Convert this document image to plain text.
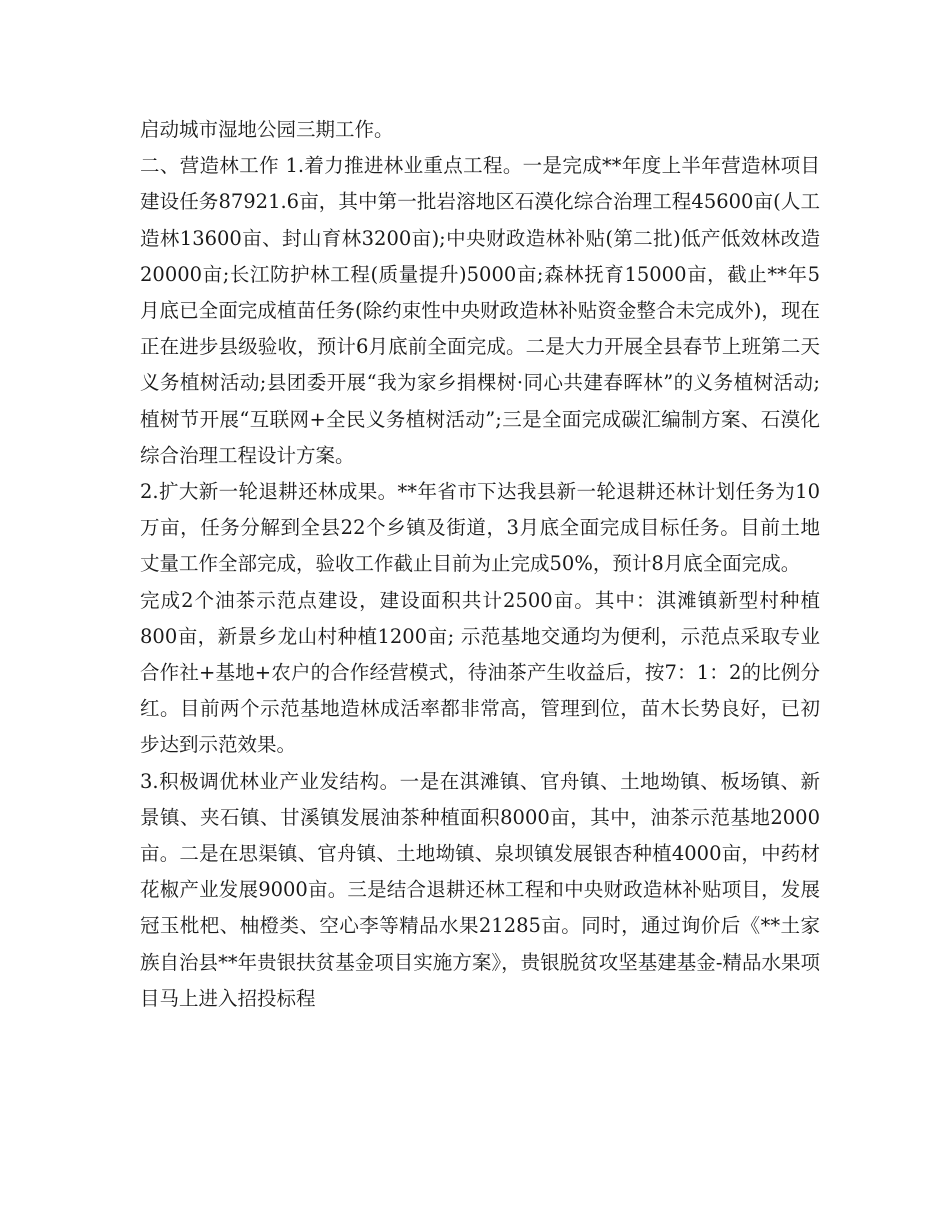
启动城市湿地公园三期工作。

二、营造林工作 1.着力推进林业重点工程。一是完成**年度上半年营造林项目建设任务87921.6亩，其中第一批岩溶地区石漠化综合治理工程45600亩(人工造林13600亩、封山育林3200亩);中央财政造林补贴(第二批)低产低效林改造20000亩;长江防护林工程(质量提升)5000亩;森林抚育15000亩，截止**年5月底已全面完成植苗任务(除约束性中央财政造林补贴资金整合未完成外)，现在正在进步县级验收，预计6月底前全面完成。二是大力开展全县春节上班第二天义务植树活动;县团委开展“我为家乡捐棵树·同心共建春晖林”的义务植树活动;植树节开展“互联网+全民义务植树活动”;三是全面完成碳汇编制方案、石漠化综合治理工程设计方案。

2.扩大新一轮退耕还林成果。**年省市下达我县新一轮退耕还林计划任务为10万亩，任务分解到全县22个乡镇及街道，3月底全面完成目标任务。目前土地丈量工作全部完成，验收工作截止目前为止完成50%，预计8月底全面完成。

完成2个油茶示范点建设，建设面积共计2500亩。其中：淇滩镇新型村种植800亩，新景乡龙山村种植1200亩; 示范基地交通均为便利，示范点采取专业合作社+基地+农户的合作经营模式，待油茶产生收益后，按7：1：2的比例分红。目前两个示范基地造林成活率都非常高，管理到位，苗木长势良好，已初步达到示范效果。

3.积极调优林业产业发结构。一是在淇滩镇、官舟镇、土地坳镇、板场镇、新景镇、夹石镇、甘溪镇发展油茶种植面积8000亩，其中，油茶示范基地2000亩。二是在思渠镇、官舟镇、土地坳镇、泉坝镇发展银杏种植4000亩，中药材花椒产业发展9000亩。三是结合退耕还林工程和中央财政造林补贴项目，发展冠玉枇杷、柚橙类、空心李等精品水果21285亩。同时，通过询价后《**土家族自治县**年贵银扶贫基金项目实施方案》，贵银脱贫攻坚基建基金-精品水果项目马上进入招投标程
